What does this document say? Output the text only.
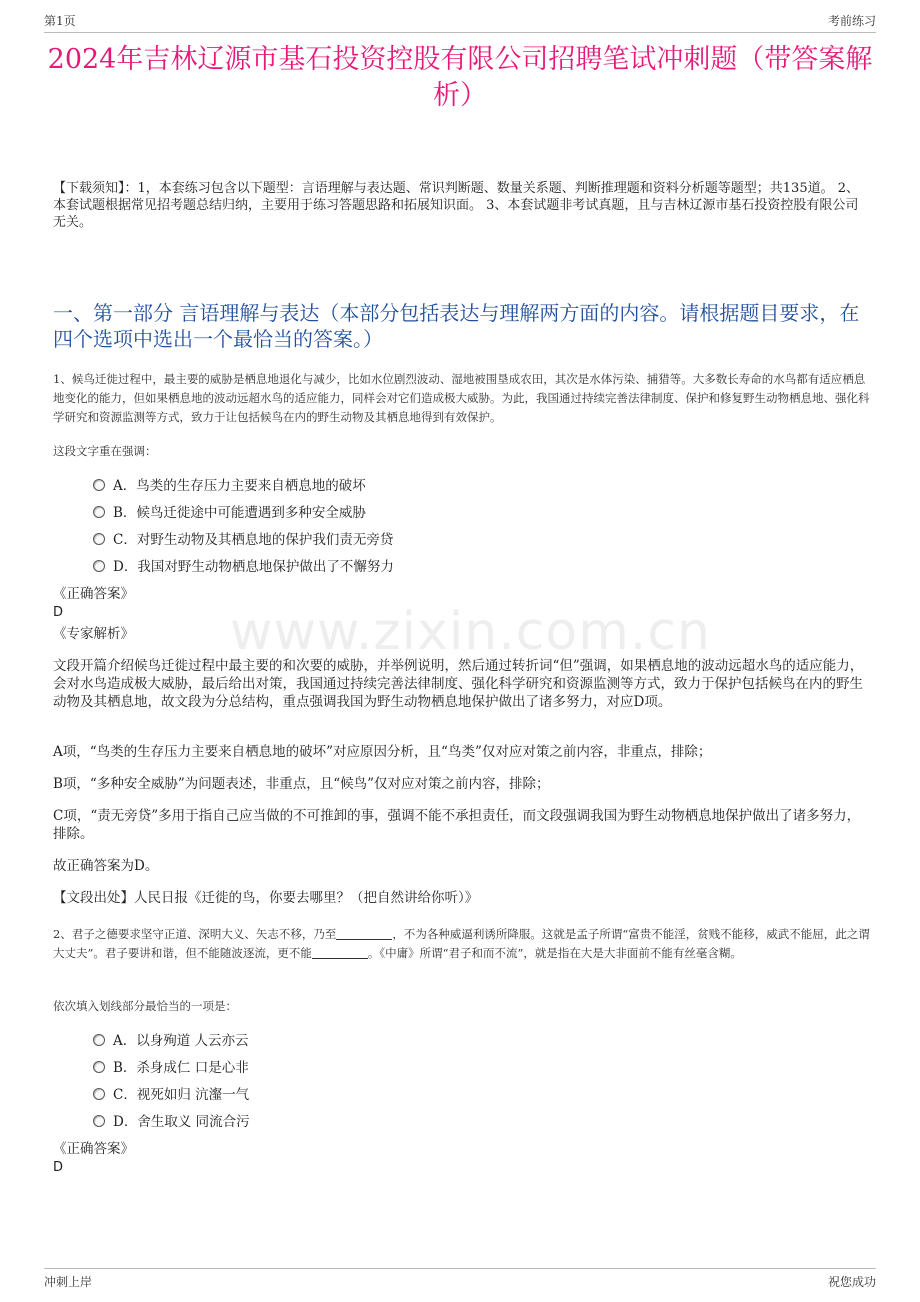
第1页	考前练习
2024年吉林辽源市基石投资控股有限公司招聘笔试冲刺题（带答案解析）
【下载须知】：1，本套练习包含以下题型：言语理解与表达题、常识判断题、数量关系题、判断推理题和资料分析题等题型；共135道。 2、本套试题根据常见招考题总结归纳，主要用于练习答题思路和拓展知识面。 3、本套试题非考试真题，且与吉林辽源市基石投资控股有限公司无关。
一、第一部分 言语理解与表达（本部分包括表达与理解两方面的内容。请根据题目要求，在四个选项中选出一个最恰当的答案。）
www.zixin.com.cn
1、候鸟迁徙过程中，最主要的威胁是栖息地退化与减少，比如水位剧烈波动、湿地被围垦成农田，其次是水体污染、捕猎等。大多数长寿命的水鸟都有适应栖息地变化的能力，但如果栖息地的波动远超水鸟的适应能力，同样会对它们造成极大威胁。为此，我国通过持续完善法律制度、保护和修复野生动物栖息地、强化科学研究和资源监测等方式，致力于让包括候鸟在内的野生动物及其栖息地得到有效保护。
这段文字重在强调：
A．鸟类的生存压力主要来自栖息地的破坏
B．候鸟迁徙途中可能遭遇到多种安全威胁
C．对野生动物及其栖息地的保护我们责无旁贷
D．我国对野生动物栖息地保护做出了不懈努力
《正确答案》
D
《专家解析》
文段开篇介绍候鸟迁徙过程中最主要的和次要的威胁，并举例说明，然后通过转折词“但”强调，如果栖息地的波动远超水鸟的适应能力，会对水鸟造成极大威胁，最后给出对策，我国通过持续完善法律制度、强化科学研究和资源监测等方式，致力于保护包括候鸟在内的野生动物及其栖息地，故文段为分总结构，重点强调我国为野生动物栖息地保护做出了诸多努力，对应D项。
A项，“鸟类的生存压力主要来自栖息地的破坏”对应原因分析，且“鸟类”仅对应对策之前内容，非重点，排除；
B项，“多种安全威胁”为问题表述，非重点，且“候鸟”仅对应对策之前内容，排除；
C项，“责无旁贷”多用于指自己应当做的不可推卸的事，强调不能不承担责任，而文段强调我国为野生动物栖息地保护做出了诸多努力，排除。
故正确答案为D。
【文段出处】人民日报《迁徙的鸟，你要去哪里？（把自然讲给你听）》
2、君子之德要求坚守正道、深明大义、矢志不移，乃至	，不为各种威逼利诱所降服。这就是孟子所谓“富贵不能淫，贫贱不能移，威武不能屈，此之谓大丈夫”。君子要讲和谐，但不能随波逐流，更不能	。《中庸》所谓“君子和而不流”，就是指在大是大非面前不能有丝毫含糊。
依次填入划线部分最恰当的一项是：
A．以身殉道 人云亦云
B．杀身成仁 口是心非
C．视死如归 沆瀣一气
D．舍生取义 同流合污
《正确答案》
D
冲刺上岸	祝您成功
